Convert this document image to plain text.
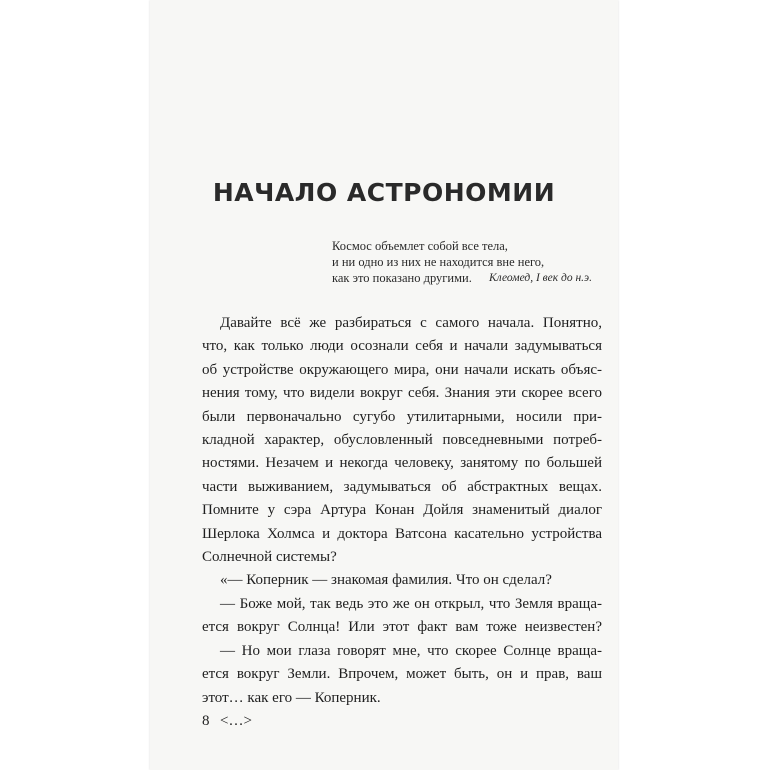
НАЧАЛО АСТРОНОМИИ
Космос объемлет собой все тела,
и ни одно из них не находится вне него,
как это показано другими.	Клеомед, I век до н.э.
Давайте всё же разбираться с самого начала. Понятно,
что, как только люди осознали себя и начали задумываться
об устройстве окружающего мира, они начали искать объяс-
нения тому, что видели вокруг себя. Знания эти скорее всего
были первоначально сугубо утилитарными, носили при-
кладной характер, обусловленный повседневными потреб-
ностями. Незачем и некогда человеку, занятому по большей
части выживанием, задумываться об абстрактных вещах.
Помните у сэра Артура Конан Дойля знаменитый диалог
Шерлока Холмса и доктора Ватсона касательно устройства
Солнечной системы?
«— Коперник — знакомая фамилия. Что он сделал?
— Боже мой, так ведь это же он открыл, что Земля враща-
ется вокруг Солнца! Или этот факт вам тоже неизвестен?
— Но мои глаза говорят мне, что скорее Солнце враща-
ется вокруг Земли. Впрочем, может быть, он и прав, ваш
этот… как его — Коперник.
<…>
8
